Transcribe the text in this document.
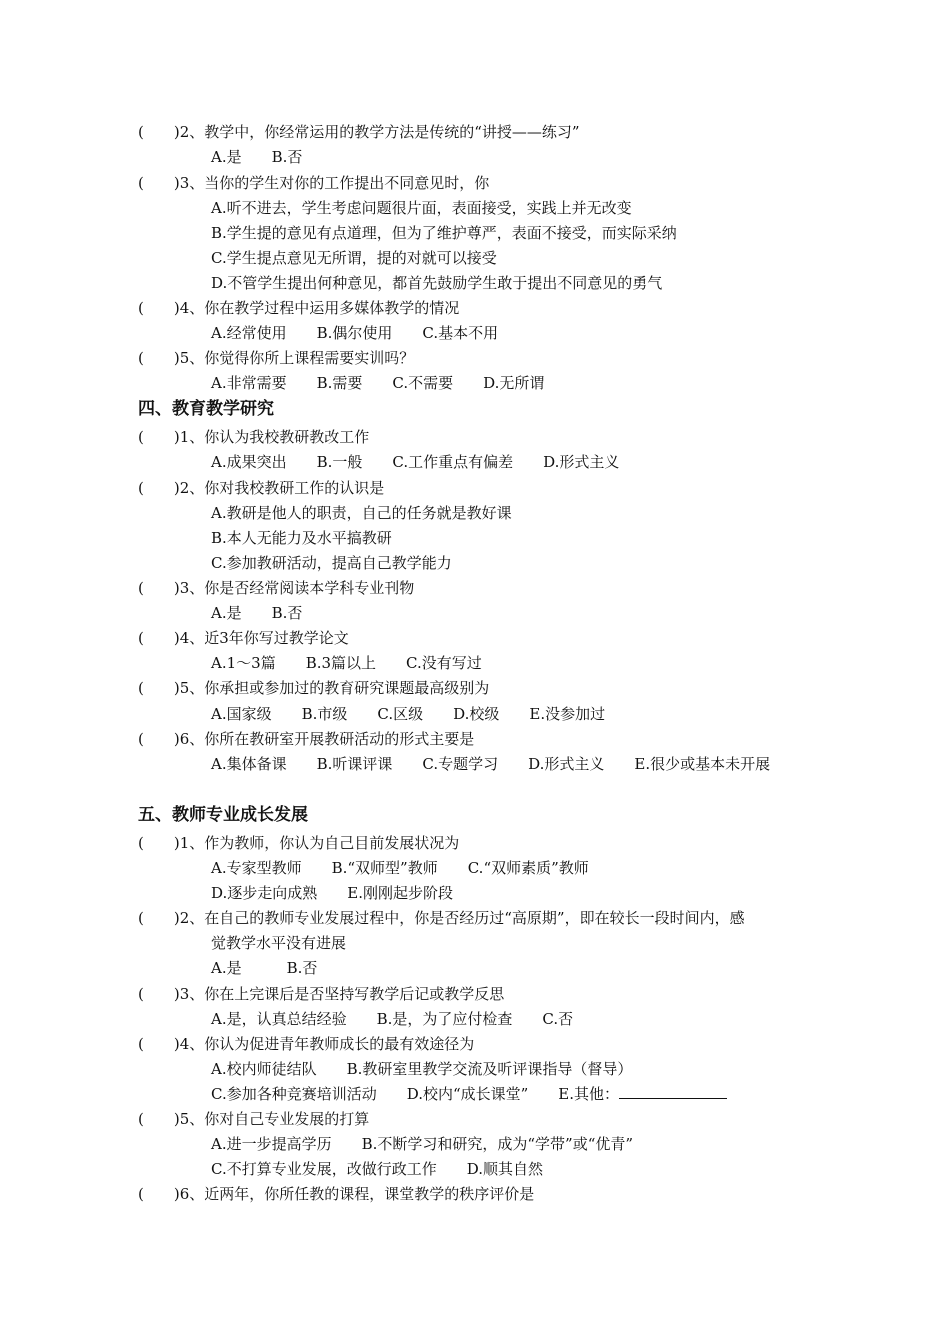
(　　)2、教学中，你经常运用的教学方法是传统的“讲授——练习”
A.是　　B.否
(　　)3、当你的学生对你的工作提出不同意见时，你
A.听不进去，学生考虑问题很片面，表面接受，实践上并无改变
B.学生提的意见有点道理，但为了维护尊严，表面不接受，而实际采纳
C.学生提点意见无所谓，提的对就可以接受
D.不管学生提出何种意见，都首先鼓励学生敢于提出不同意见的勇气
(　　)4、你在教学过程中运用多媒体教学的情况
A.经常使用　　B.偶尔使用　　C.基本不用
(　　)5、你觉得你所上课程需要实训吗？
A.非常需要　　B.需要　　C.不需要　　D.无所谓
四、教育教学研究
(　　)1、你认为我校教研教改工作
A.成果突出　　B.一般　　C.工作重点有偏差　　D.形式主义
(　　)2、你对我校教研工作的认识是
A.教研是他人的职责，自己的任务就是教好课
B.本人无能力及水平搞教研
C.参加教研活动，提高自己教学能力
(　　)3、你是否经常阅读本学科专业刊物
A.是　　B.否
(　　)4、近3年你写过教学论文
A.1～3篇　　B.3篇以上　　C.没有写过
(　　)5、你承担或参加过的教育研究课题最高级别为
A.国家级　　B.市级　　C.区级　　D.校级　　E.没参加过
(　　)6、你所在教研室开展教研活动的形式主要是
A.集体备课　　B.听课评课　　C.专题学习　　D.形式主义　　E.很少或基本未开展
五、教师专业成长发展
(　　)1、作为教师，你认为自己目前发展状况为
A.专家型教师　　B.“双师型”教师　　C.“双师素质”教师
D.逐步走向成熟　　E.刚刚起步阶段
(　　)2、在自己的教师专业发展过程中，你是否经历过“高原期”，即在较长一段时间内，感
觉教学水平没有进展
A.是　　　B.否
(　　)3、你在上完课后是否坚持写教学后记或教学反思
A.是，认真总结经验　　B.是，为了应付检查　　C.否
(　　)4、你认为促进青年教师成长的最有效途径为
A.校内师徒结队　　B.教研室里教学交流及听评课指导（督导）
C.参加各种竞赛培训活动　　D.校内“成长课堂”　　E.其他：
(　　)5、你对自己专业发展的打算
A.进一步提高学历　　B.不断学习和研究，成为“学带”或“优青”
C.不打算专业发展，改做行政工作　　D.顺其自然
(　　)6、近两年，你所任教的课程，课堂教学的秩序评价是
